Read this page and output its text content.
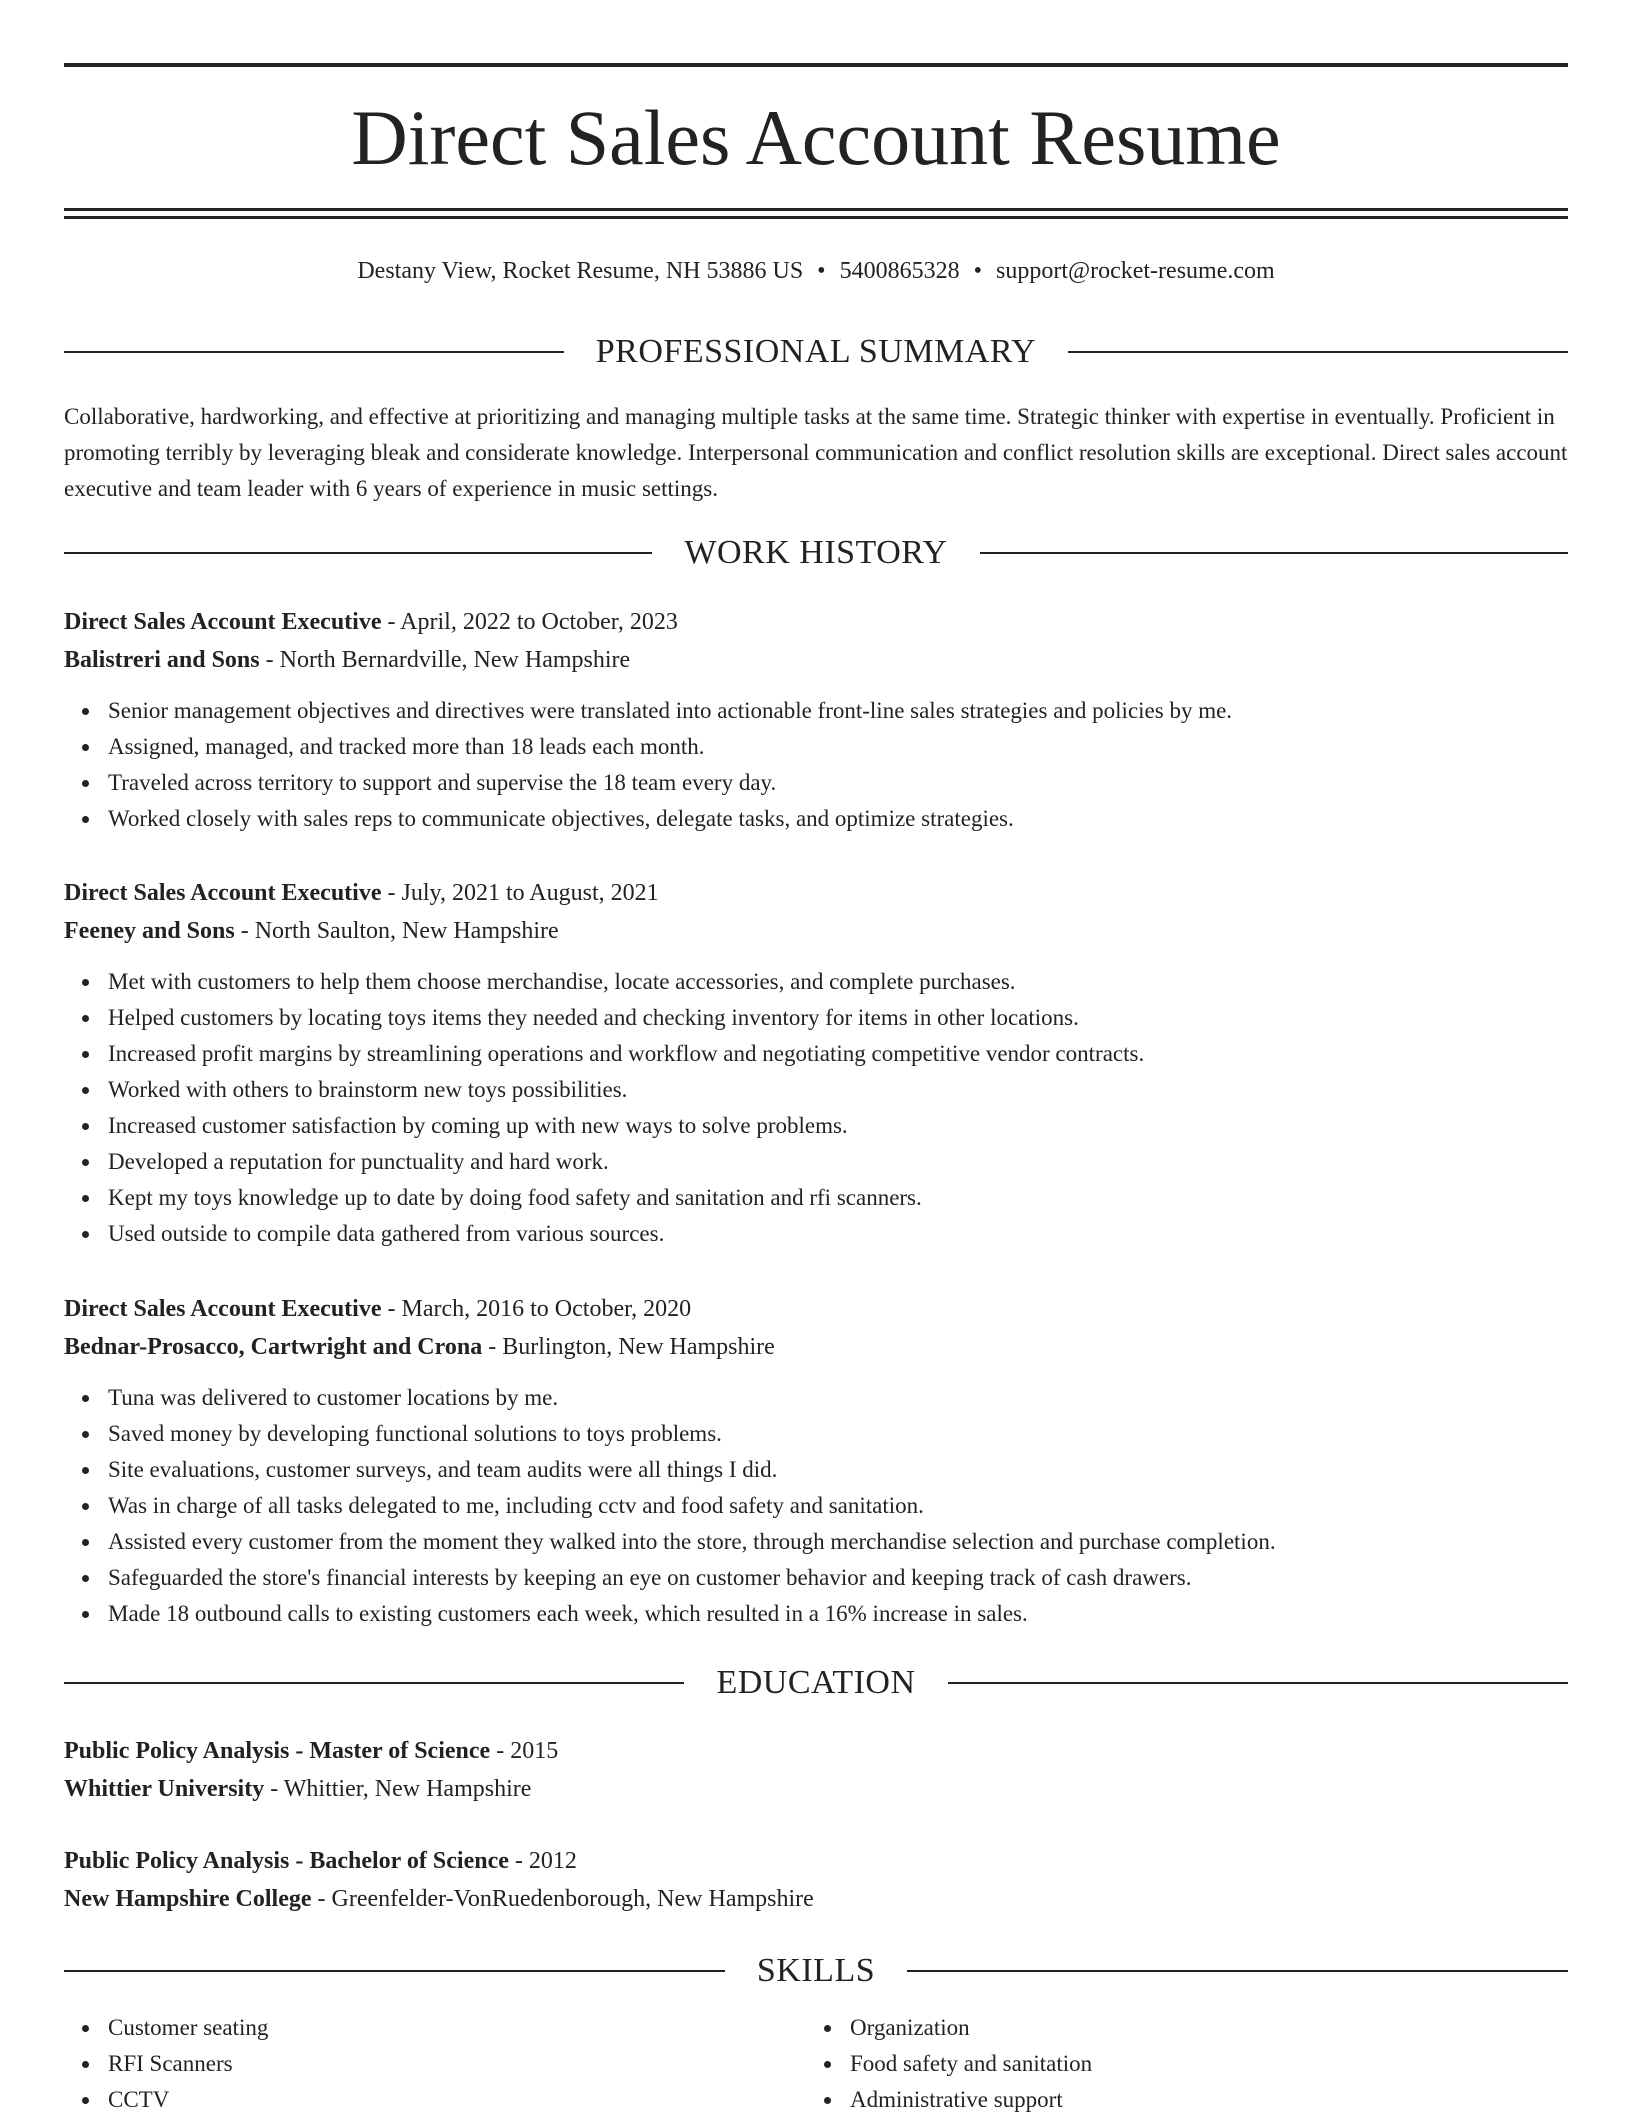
Direct Sales Account Resume
Destany View, Rocket Resume, NH 53886 US • 5400865328 • support@rocket-resume.com
PROFESSIONAL SUMMARY

Collaborative, hardworking, and effective at prioritizing and managing multiple tasks at the same time. Strategic thinker with expertise in eventually. Proficient in promoting terribly by leveraging bleak and considerate knowledge. Interpersonal communication and conflict resolution skills are exceptional. Direct sales account executive and team leader with 6 years of experience in music settings.

WORK HISTORY
Direct Sales Account Executive - April, 2022 to October, 2023
Balistreri and Sons - North Bernardville, New Hampshire
Senior management objectives and directives were translated into actionable front-line sales strategies and policies by me.
Assigned, managed, and tracked more than 18 leads each month.
Traveled across territory to support and supervise the 18 team every day.
Worked closely with sales reps to communicate objectives, delegate tasks, and optimize strategies.
Direct Sales Account Executive - July, 2021 to August, 2021
Feeney and Sons - North Saulton, New Hampshire
Met with customers to help them choose merchandise, locate accessories, and complete purchases.
Helped customers by locating toys items they needed and checking inventory for items in other locations.
Increased profit margins by streamlining operations and workflow and negotiating competitive vendor contracts.
Worked with others to brainstorm new toys possibilities.
Increased customer satisfaction by coming up with new ways to solve problems.
Developed a reputation for punctuality and hard work.
Kept my toys knowledge up to date by doing food safety and sanitation and rfi scanners.
Used outside to compile data gathered from various sources.
Direct Sales Account Executive - March, 2016 to October, 2020
Bednar-Prosacco, Cartwright and Crona - Burlington, New Hampshire
Tuna was delivered to customer locations by me.
Saved money by developing functional solutions to toys problems.
Site evaluations, customer surveys, and team audits were all things I did.
Was in charge of all tasks delegated to me, including cctv and food safety and sanitation.
Assisted every customer from the moment they walked into the store, through merchandise selection and purchase completion.
Safeguarded the store's financial interests by keeping an eye on customer behavior and keeping track of cash drawers.
Made 18 outbound calls to existing customers each week, which resulted in a 16% increase in sales.
EDUCATION
Public Policy Analysis - Master of Science - 2015
Whittier University - Whittier, New Hampshire
Public Policy Analysis - Bachelor of Science - 2012
New Hampshire College - Greenfelder-VonRuedenborough, New Hampshire
SKILLS
Customer seating
RFI Scanners
CCTV
Organization
Food safety and sanitation
Administrative support
